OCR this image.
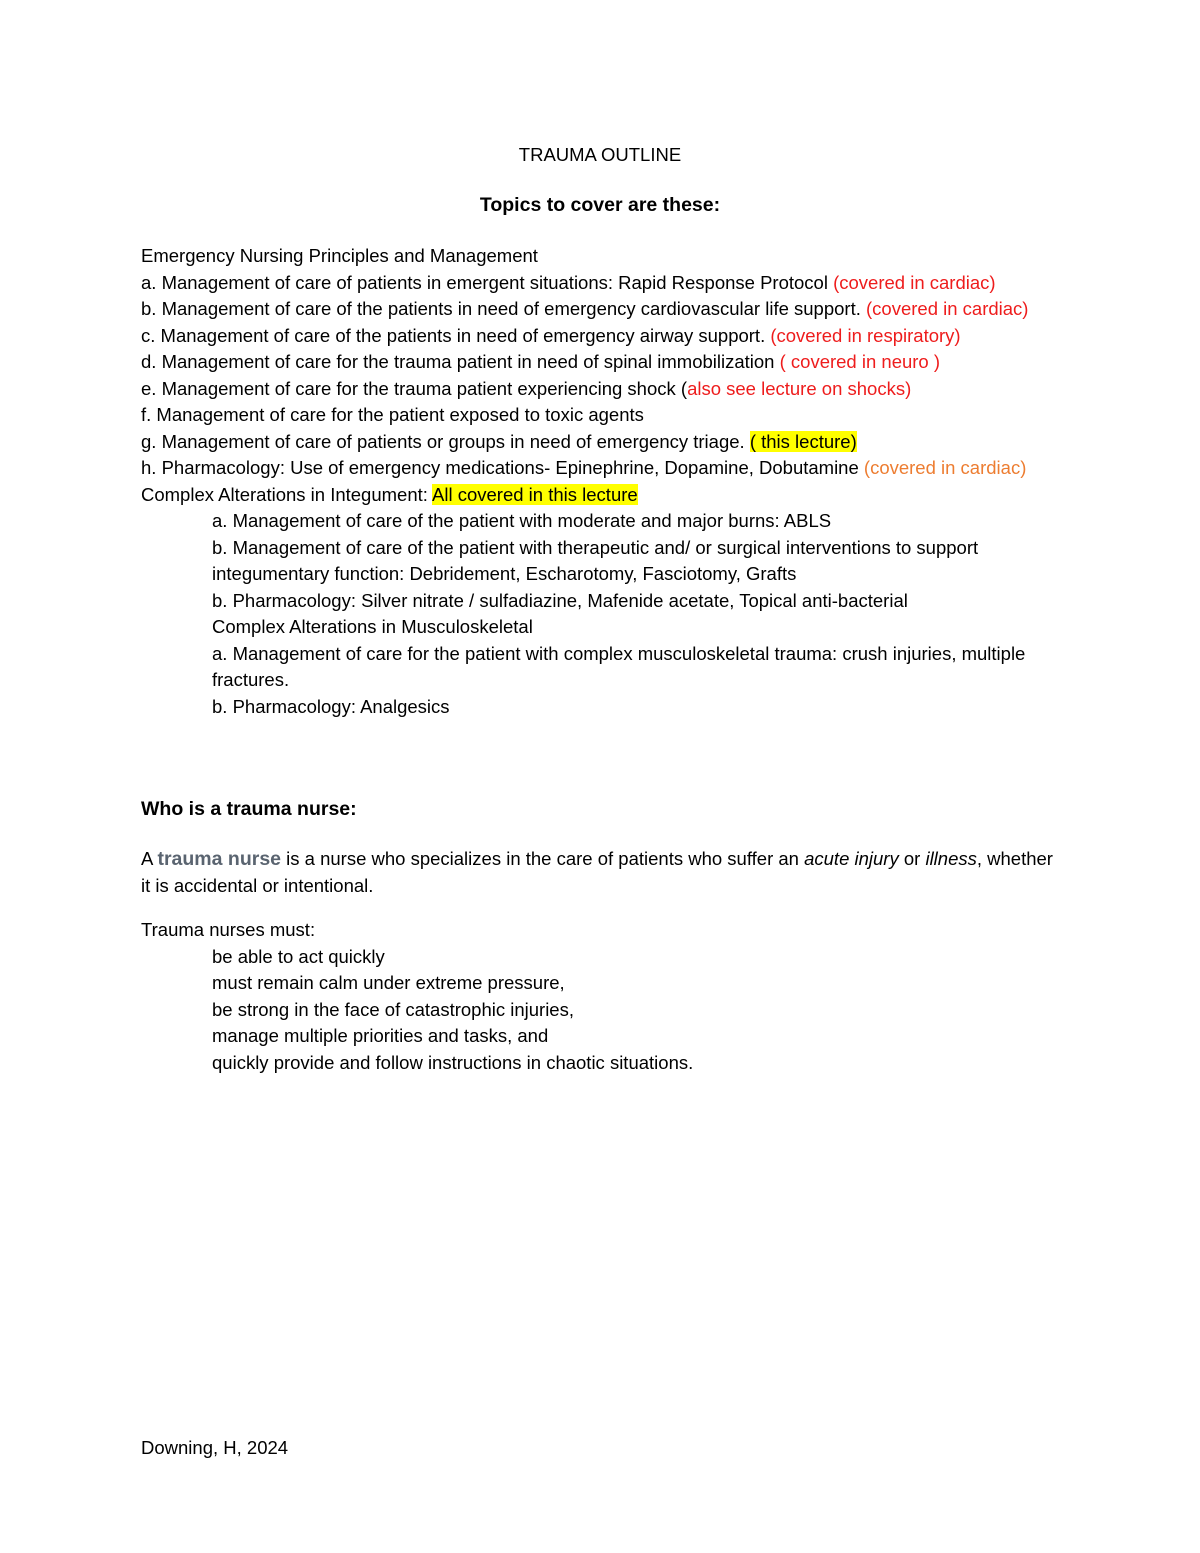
TRAUMA OUTLINE
Topics to cover are these:
Emergency Nursing Principles and Management
a. Management of care of patients in emergent situations: Rapid Response Protocol (covered in cardiac)
b. Management of care of the patients in need of emergency cardiovascular life support. (covered in cardiac)
c. Management of care of the patients in need of emergency airway support. (covered in respiratory)
d. Management of care for the trauma patient in need of spinal immobilization ( covered in neuro )
e. Management of care for the trauma patient experiencing shock (also see lecture on shocks)
f. Management of care for the patient exposed to toxic agents
g. Management of care of patients or groups in need of emergency triage. ( this lecture)
h. Pharmacology: Use of emergency medications- Epinephrine, Dopamine, Dobutamine (covered in cardiac)
Complex Alterations in Integument: All covered in this lecture
a. Management of care of the patient with moderate and major burns: ABLS
b. Management of care of the patient with therapeutic and/ or surgical interventions to support integumentary function: Debridement, Escharotomy, Fasciotomy, Grafts
b. Pharmacology: Silver nitrate / sulfadiazine, Mafenide acetate, Topical anti-bacterial
Complex Alterations in Musculoskeletal
a. Management of care for the patient with complex musculoskeletal trauma: crush injuries, multiple fractures.
b. Pharmacology: Analgesics
Who is a trauma nurse:
A trauma nurse is a nurse who specializes in the care of patients who suffer an acute injury or illness, whether it is accidental or intentional.
Trauma nurses must:
be able to act quickly
must remain calm under extreme pressure,
be strong in the face of catastrophic injuries,
manage multiple priorities and tasks, and
quickly provide and follow instructions in chaotic situations.
Downing, H, 2024
